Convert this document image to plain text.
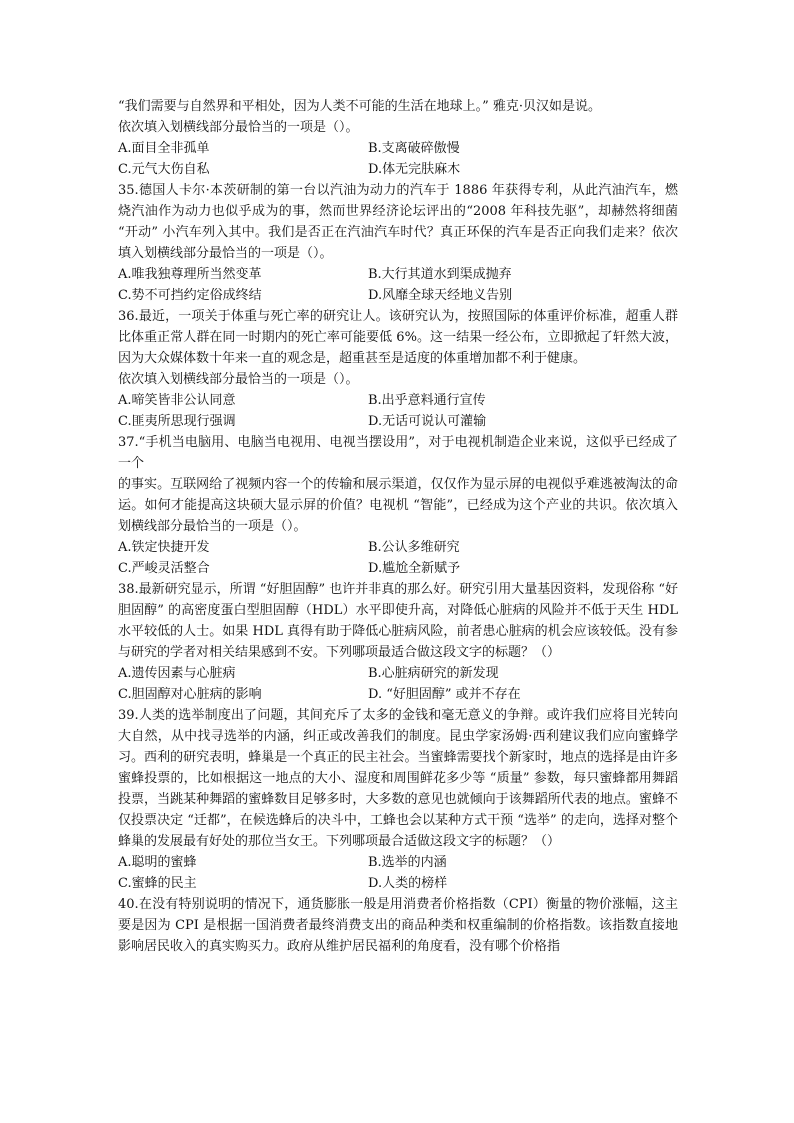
“我们需要与自然界和平相处，因为人类不可能的生活在地球上。” 雅克·贝汉如是说。

依次填入划横线部分最恰当的一项是（）。

A.面目全非孤单	B.支离破碎傲慢
C.元气大伤自私	D.体无完肤麻木

35.德国人卡尔·本茨研制的第一台以汽油为动力的汽车于 1886 年获得专利，从此汽油汽车，燃烧汽油作为动力也似乎成为的事，然而世界经济论坛评出的“2008 年科技先驱”，却赫然将细菌 “开动” 小汽车列入其中。我们是否正在汽油汽车时代？真正环保的汽车是否正向我们走来？依次填入划横线部分最恰当的一项是（）。

A.唯我独尊理所当然变革	B.大行其道水到渠成抛弃
C.势不可挡约定俗成终结	D.风靡全球天经地义告别

36.最近，一项关于体重与死亡率的研究让人。该研究认为，按照国际的体重评价标准，超重人群比体重正常人群在同一时期内的死亡率可能要低 6%。这一结果一经公布，立即掀起了轩然大波，因为大众媒体数十年来一直的观念是，超重甚至是适度的体重增加都不利于健康。

依次填入划横线部分最恰当的一项是（）。

A.啼笑皆非公认同意	B.出乎意料通行宣传
C.匪夷所思现行强调	D.无话可说认可灌输

37.“手机当电脑用、电脑当电视用、电视当摆设用”，对于电视机制造企业来说，这似乎已经成了一个

的事实。互联网给了视频内容一个的传输和展示渠道，仅仅作为显示屏的电视似乎难逃被淘汰的命运。如何才能提高这块硕大显示屏的价值？电视机 “智能”，已经成为这个产业的共识。依次填入划横线部分最恰当的一项是（）。

A.铁定快捷开发	B.公认多维研究
C.严峻灵活整合	D.尴尬全新赋予

38.最新研究显示，所谓 “好胆固醇” 也许并非真的那么好。研究引用大量基因资料，发现俗称 “好胆固醇” 的高密度蛋白型胆固醇（HDL）水平即使升高，对降低心脏病的风险并不低于天生 HDL 水平较低的人士。如果 HDL 真得有助于降低心脏病风险，前者患心脏病的机会应该较低。没有参与研究的学者对相关结果感到不安。下列哪项最适合做这段文字的标题？（）

A.遗传因素与心脏病	B.心脏病研究的新发现
C.胆固醇对心脏病的影响	D. “好胆固醇” 或并不存在

39.人类的选举制度出了问题，其间充斥了太多的金钱和毫无意义的争辩。或许我们应将目光转向大自然，从中找寻选举的内涵，纠正或改善我们的制度。昆虫学家汤姆·西利建议我们应向蜜蜂学习。西利的研究表明，蜂巢是一个真正的民主社会。当蜜蜂需要找个新家时，地点的选择是由许多蜜蜂投票的，比如根据这一地点的大小、湿度和周围鲜花多少等 “质量” 参数，每只蜜蜂都用舞蹈投票，当跳某种舞蹈的蜜蜂数目足够多时，大多数的意见也就倾向于该舞蹈所代表的地点。蜜蜂不仅投票决定 “迁都”，在候选蜂后的决斗中，工蜂也会以某种方式干预 “选举” 的走向，选择对整个蜂巢的发展最有好处的那位当女王。下列哪项最合适做这段文字的标题？（）

A.聪明的蜜蜂	B.选举的内涵
C.蜜蜂的民主	D.人类的榜样

40.在没有特别说明的情况下，通货膨胀一般是用消费者价格指数（CPI）衡量的物价涨幅，这主要是因为 CPI 是根据一国消费者最终消费支出的商品种类和权重编制的价格指数。该指数直接地影响居民收入的真实购买力。政府从维护居民福利的角度看，没有哪个价格指
